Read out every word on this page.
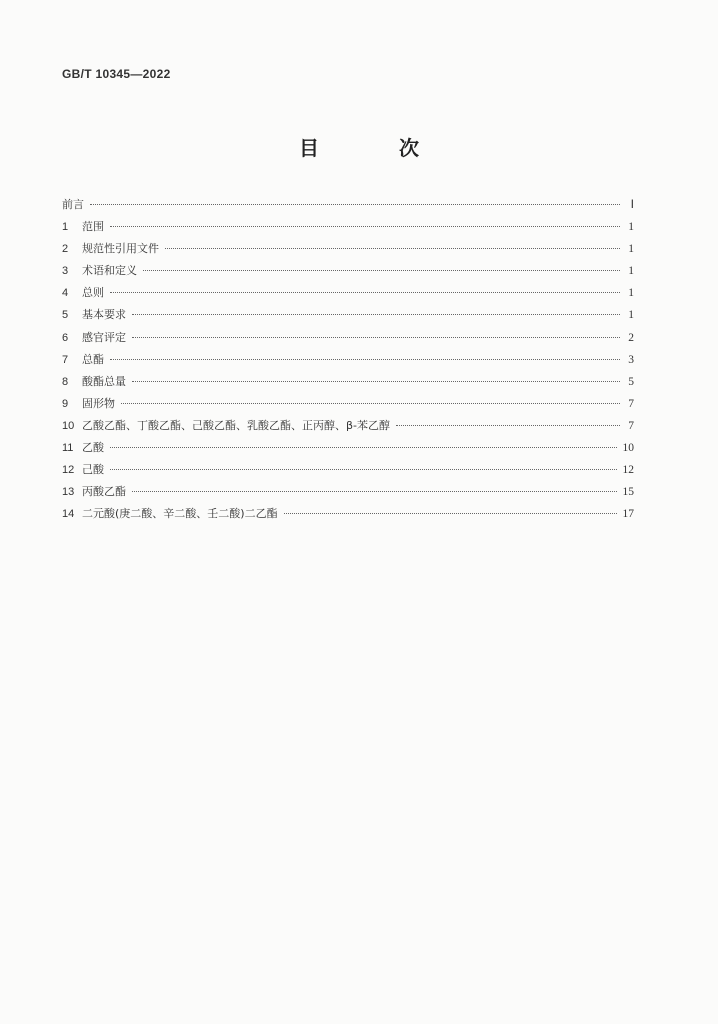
GB/T 10345—2022
目　次
前言	Ⅰ
1	范围	1
2	规范性引用文件	1
3	术语和定义	1
4	总则	1
5	基本要求	1
6	感官评定	2
7	总酯	3
8	酸酯总量	5
9	固形物	7
10 乙酸乙酯、丁酸乙酯、己酸乙酯、乳酸乙酯、正丙醇、β-苯乙醇	7
11 乙酸	10
12 己酸	12
13 丙酸乙酯	15
14 二元酸(庚二酸、辛二酸、壬二酸)二乙酯	17
